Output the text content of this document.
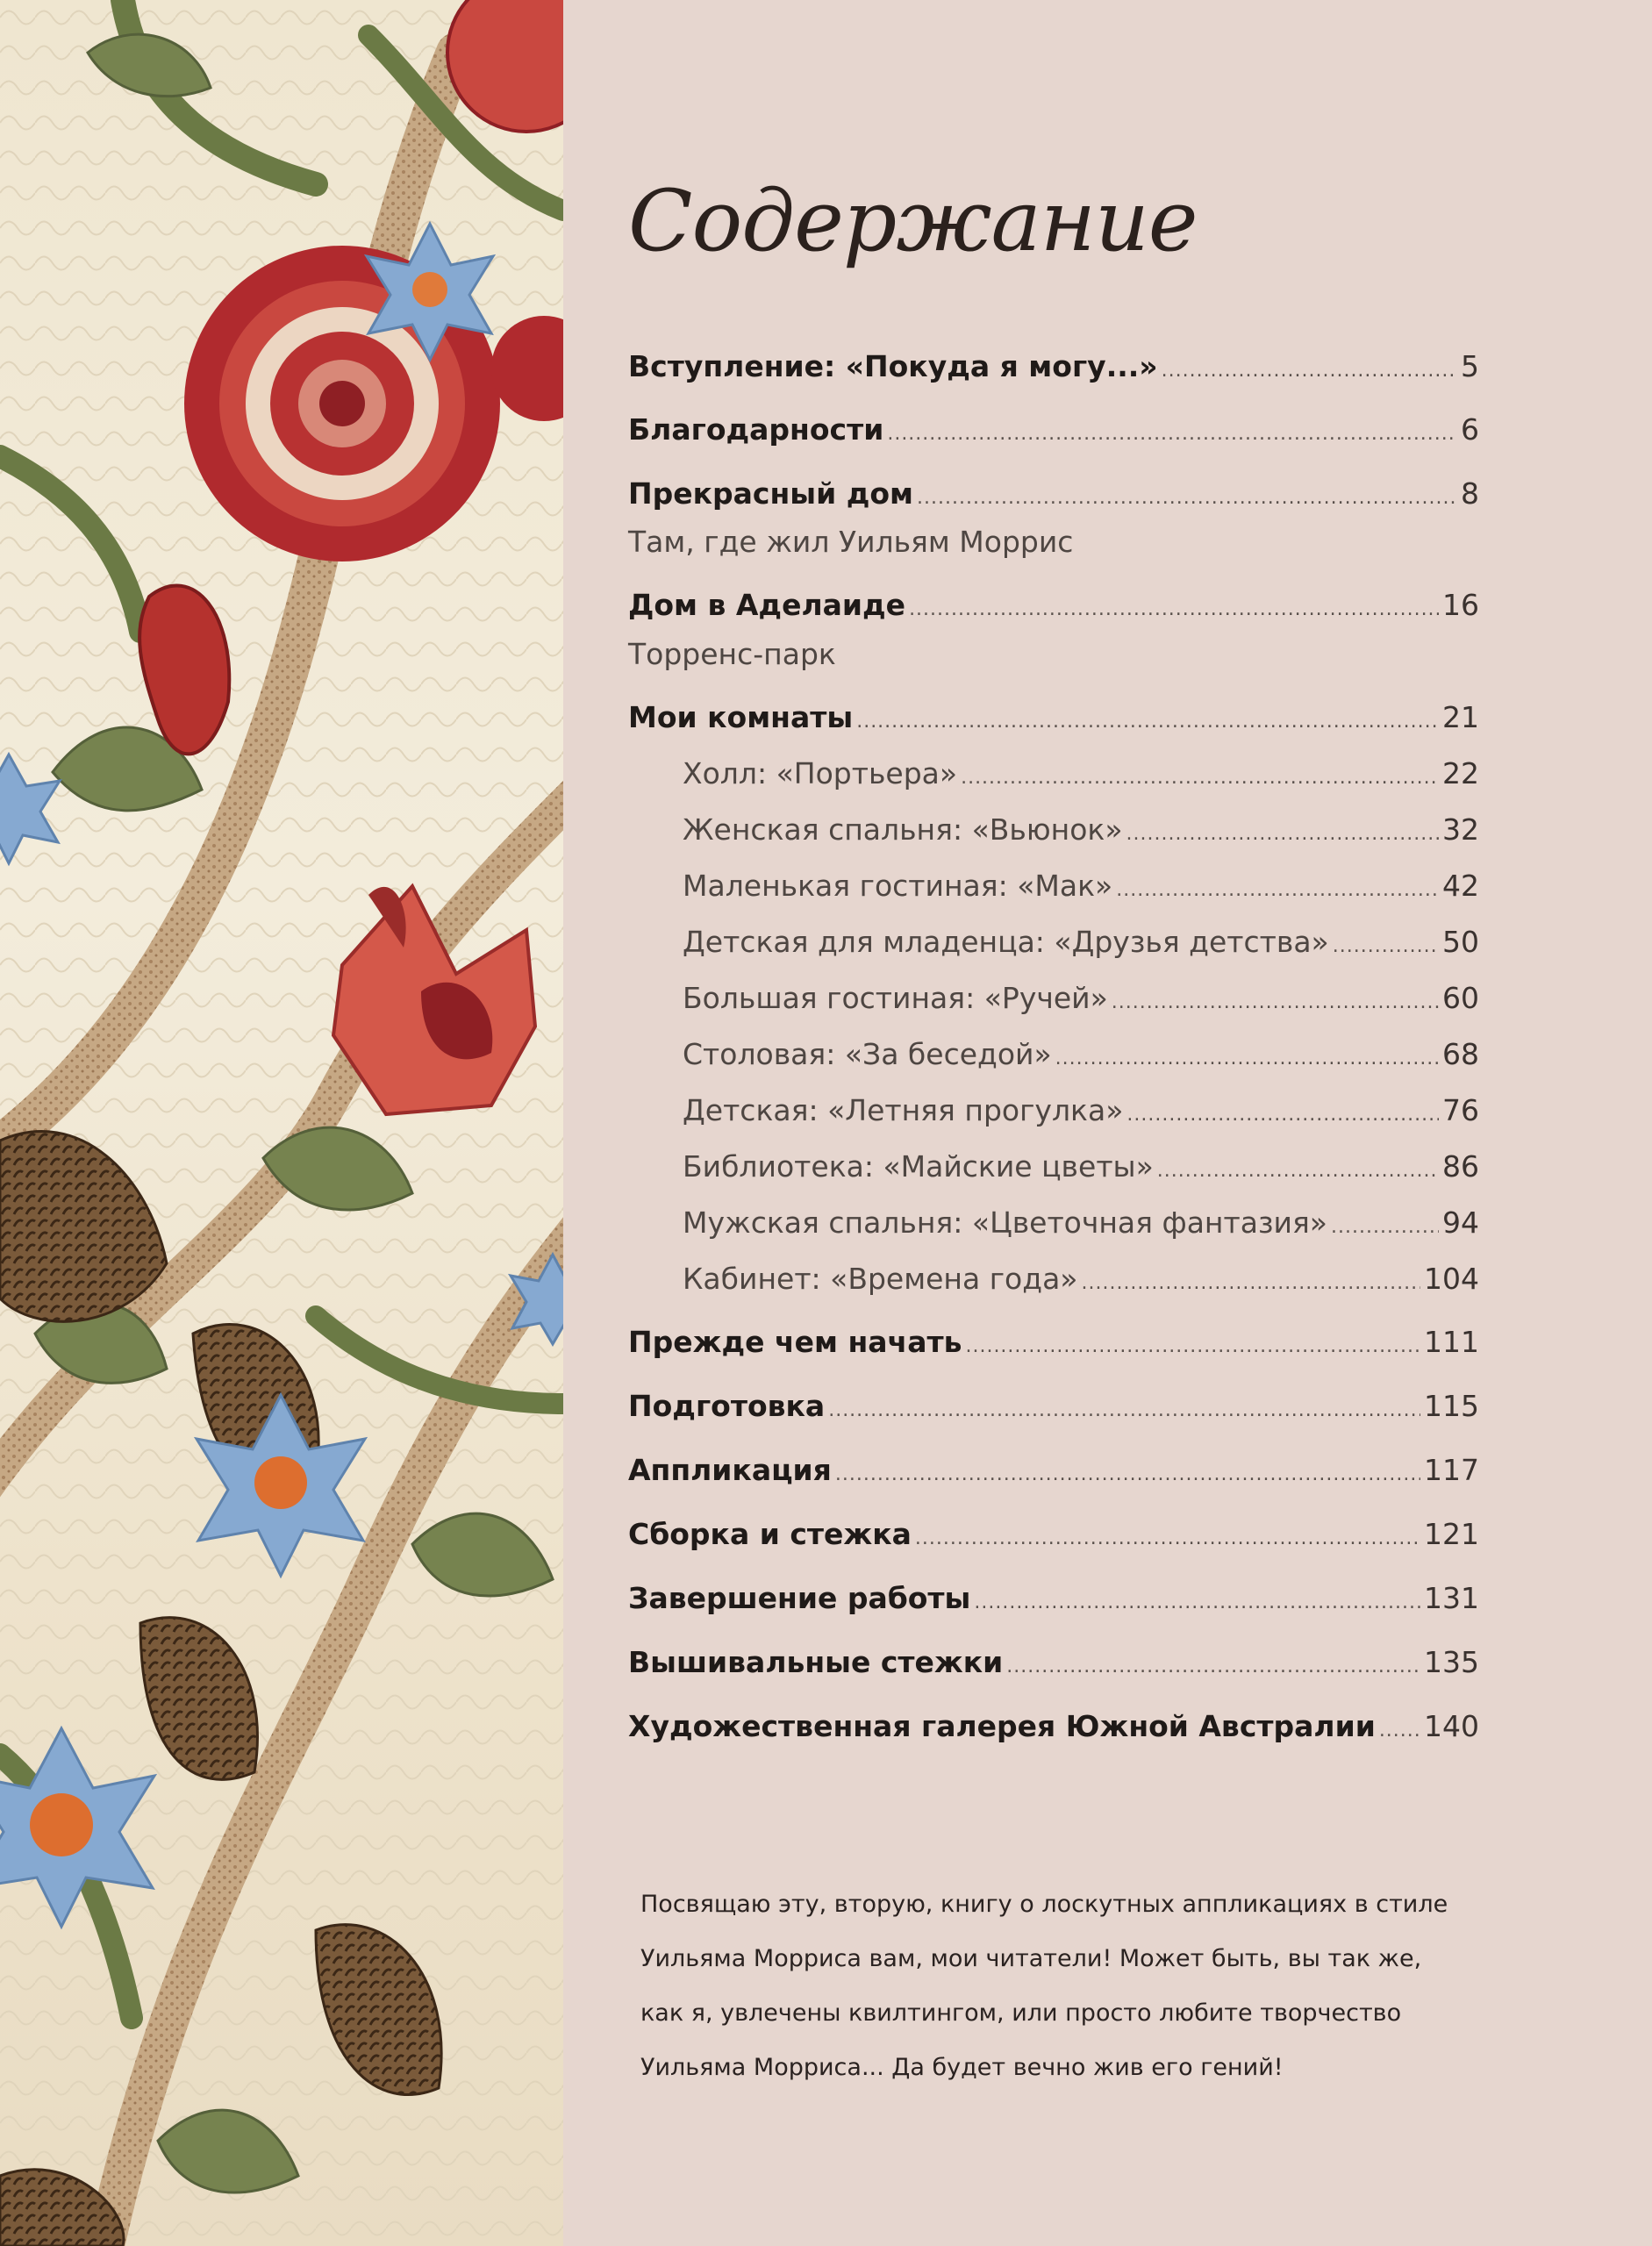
Содержание
Вступление: «Покуда я могу...» .....	5
Благодарности .....	6
Прекрасный дом .....	8
Там, где жил Уильям Моррис
Дом в Аделаиде .....	16
Торренс-парк
Мои комнаты .....	21
Холл: «Портьера» .....	22
Женская спальня: «Вьюнок» .....	32
Маленькая гостиная: «Мак» .....	42
Детская для младенца: «Друзья детства» .....	50
Большая гостиная: «Ручей» .....	60
Столовая: «За беседой» .....	68
Детская: «Летняя прогулка» .....	76
Библиотека: «Майские цветы» .....	86
Мужская спальня: «Цветочная фантазия» .....	94
Кабинет: «Времена года» .....	104
Прежде чем начать .....	111
Подготовка .....	115
Аппликация .....	117
Сборка и стежка .....	121
Завершение работы .....	131
Вышивальные стежки .....	135
Художественная галерея Южной Австралии ..... 140
Посвящаю эту, вторую, книгу о лоскутных аппликациях в стиле
Уильяма Морриса вам, мои читатели! Может быть, вы так же,
как я, увлечены квилтингом, или просто любите творчество
Уильяма Морриса... Да будет вечно жив его гений!
